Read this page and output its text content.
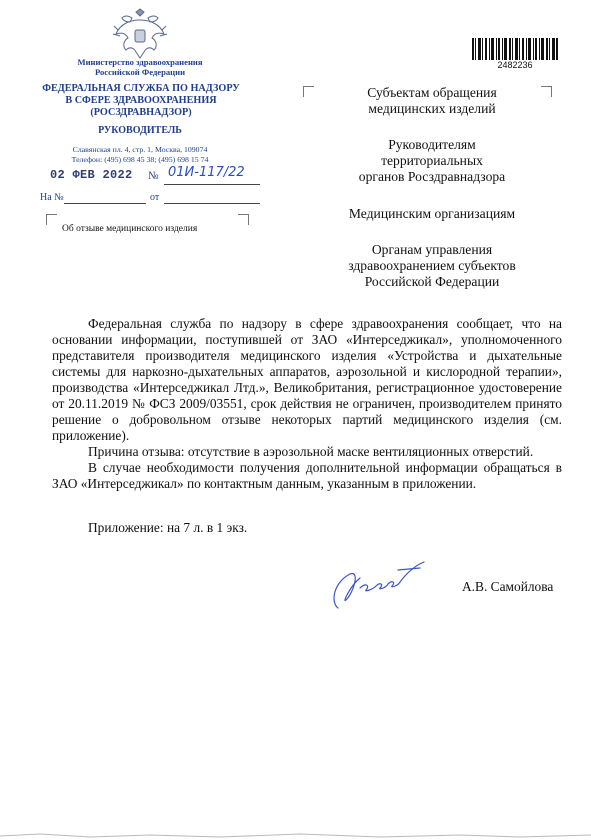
Министерство здравоохранения
Российской Федерации
ФЕДЕРАЛЬНАЯ СЛУЖБА ПО НАДЗОРУ
В СФЕРЕ ЗДРАВООХРАНЕНИЯ
(РОСЗДРАВНАДЗОР)
РУКОВОДИТЕЛЬ
Славянская пл. 4, стр. 1, Москва, 109074
Телефон: (495) 698 45 38; (495) 698 15 74
02 ФЕВ 2022 № 01И-117/22
На №	от
Об отзыве медицинского изделия
2482236
Субъектам обращения
медицинских изделий
Руководителям
территориальных
органов Росздравнадзора
Медицинским организациям
Органам управления
здравоохранением субъектов
Российской Федерации

Федеральная служба по надзору в сфере здравоохранения сообщает, что на основании информации, поступившей от ЗАО «Интерседжикал», уполномоченного представителя производителя медицинского изделия «Устройства и дыхательные системы для наркозно-дыхательных аппаратов, аэрозольной и кислородной терапии», производства «Интерседжикал Лтд.», Великобритания, регистрационное удостоверение от 20.11.2019 № ФСЗ 2009/03551, срок действия не ограничен, производителем принято решение о добровольном отзыве некоторых партий медицинского изделия (см. приложение).

Причина отзыва: отсутствие в аэрозольной маске вентиляционных отверстий.

В случае необходимости получения дополнительной информации обращаться в ЗАО «Интерседжикал» по контактным данным, указанным в приложении.

Приложение: на 7 л. в 1 экз.
А.В. Самойлова
